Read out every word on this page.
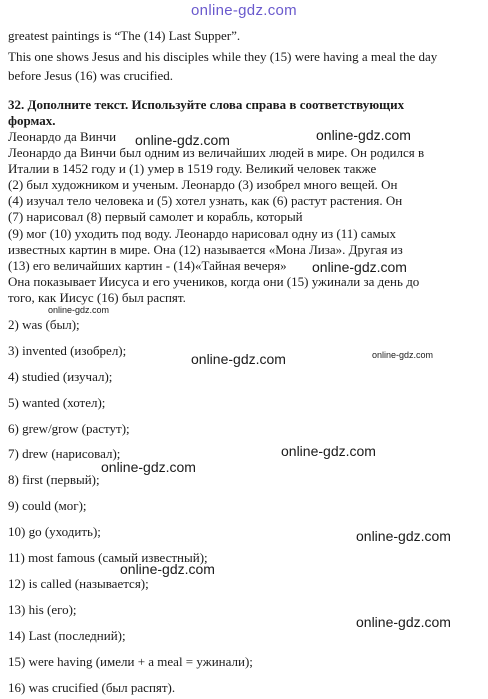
online-gdz.com
greatest paintings is “The (14) Last Supper”.
This one shows Jesus and his disciples while they (15) were having a meal the day
before Jesus (16) was crucified.
32. Дополните текст. Используйте слова справа в соответствующих
формах.
Леонардо да Винчи
Леонардо да Винчи был одним из величайших людей в мире. Он родился в
Италии в 1452 году и (1) умер в 1519 году. Великий человек также
(2) был художником и ученым. Леонардо (3) изобрел много вещей. Он
(4) изучал тело человека и (5) хотел узнать, как (6) растут растения. Он
(7) нарисовал (8) первый самолет и корабль, который
(9) мог (10) уходить под воду. Леонардо нарисовал одну из (11) самых
известных картин в мире. Она (12) называется «Мона Лиза». Другая из
(13) его величайших картин - (14)«Тайная вечеря»
Она показывает Иисуса и его учеников, когда они (15) ужинали за день до
того, как Иисус (16) был распят.
2) was (был);
3) invented (изобрел);
4) studied (изучал);
5) wanted (хотел);
6) grew/grow (растут);
7) drew (нарисовал);
8) first (первый);
9) could (мог);
10) go (уходить);
11) most famous (самый известный);
12) is called (называется);
13) his (его);
14) Last (последний);
15) were having (имели + a meal = ужинали);
16) was crucified (был распят).
online-gdz.com	online-gdz.com
online-gdz.com
online-gdz.com
online-gdz.com	online-gdz.com
online-gdz.com
online-gdz.com
online-gdz.com
online-gdz.com
online-gdz.com
